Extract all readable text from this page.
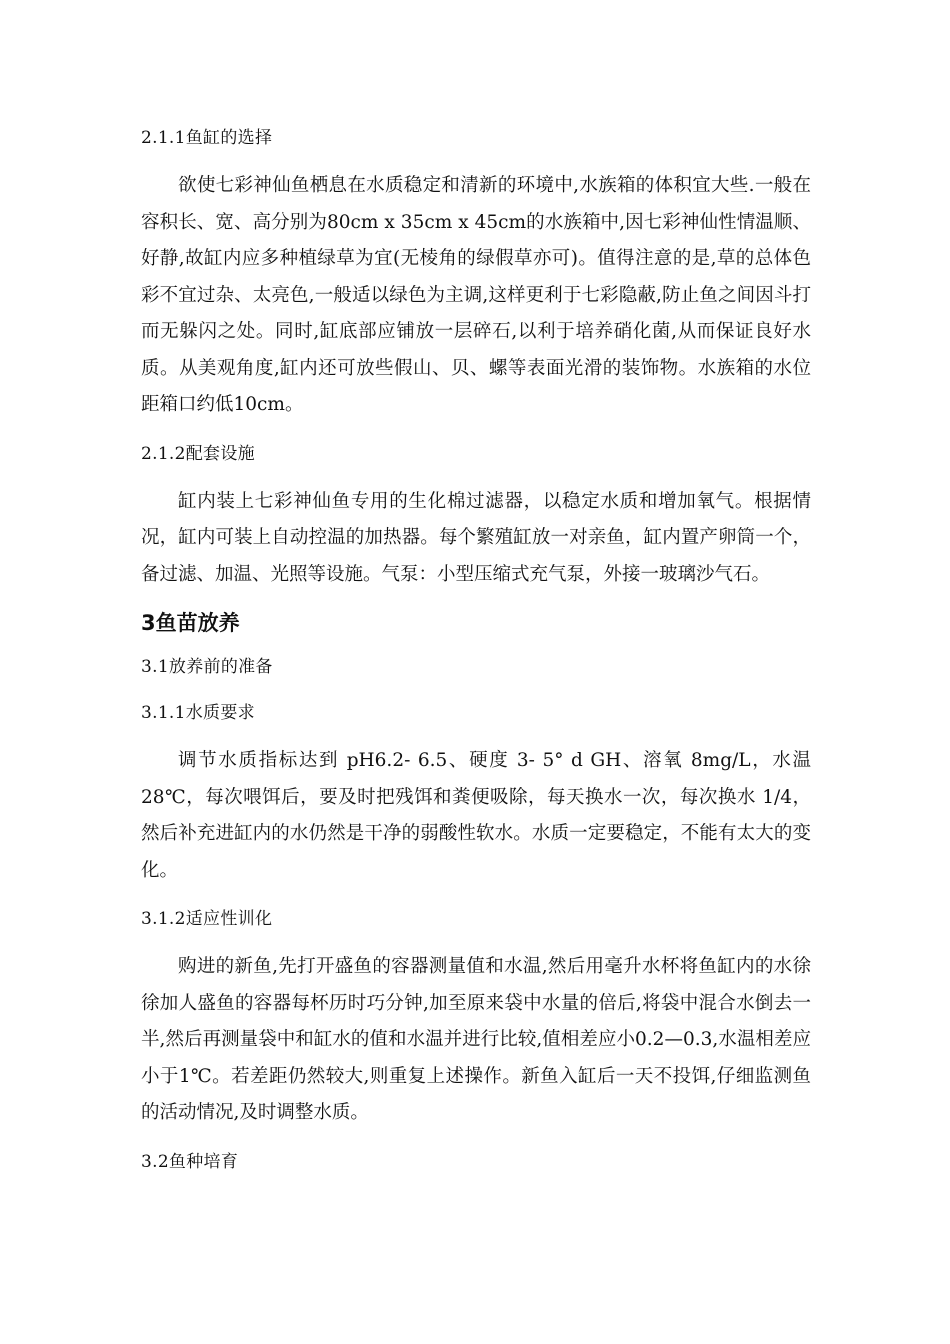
2.1.1鱼缸的选择
欲使七彩神仙鱼栖息在水质稳定和清新的环境中,水族箱的体积宜大些.一般在容积长、宽、高分别为80cm x 35cm x 45cm的水族箱中,因七彩神仙性情温顺、好静,故缸内应多种植绿草为宜(无棱角的绿假草亦可)。值得注意的是,草的总体色彩不宜过杂、太亮色,一般适以绿色为主调,这样更利于七彩隐蔽,防止鱼之间因斗打而无躲闪之处。同时,缸底部应铺放一层碎石,以利于培养硝化菌,从而保证良好水质。从美观角度,缸内还可放些假山、贝、螺等表面光滑的装饰物。水族箱的水位距箱口约低10cm。
2.1.2配套设施
缸内装上七彩神仙鱼专用的生化棉过滤器，以稳定水质和增加氧气。根据情况，缸内可装上自动控温的加热器。每个繁殖缸放一对亲鱼，缸内置产卵筒一个，备过滤、加温、光照等设施。气泵：小型压缩式充气泵，外接一玻璃沙气石。
3鱼苗放养
3.1放养前的准备
3.1.1水质要求
调节水质指标达到 pH6.2- 6.5、硬度 3- 5° d GH、溶氧 8mg/L，水温28℃，每次喂饵后，要及时把残饵和粪便吸除，每天换水一次，每次换水 1/4，然后补充进缸内的水仍然是干净的弱酸性软水。水质一定要稳定，不能有太大的变化。
3.1.2适应性训化
购进的新鱼,先打开盛鱼的容器测量值和水温,然后用毫升水杯将鱼缸内的水徐徐加人盛鱼的容器每杯历时巧分钟,加至原来袋中水量的倍后,将袋中混合水倒去一半,然后再测量袋中和缸水的值和水温并进行比较,值相差应小0.2—0.3,水温相差应小于1℃。若差距仍然较大,则重复上述操作。新鱼入缸后一天不投饵,仔细监测鱼的活动情况,及时调整水质。
3.2鱼种培育
